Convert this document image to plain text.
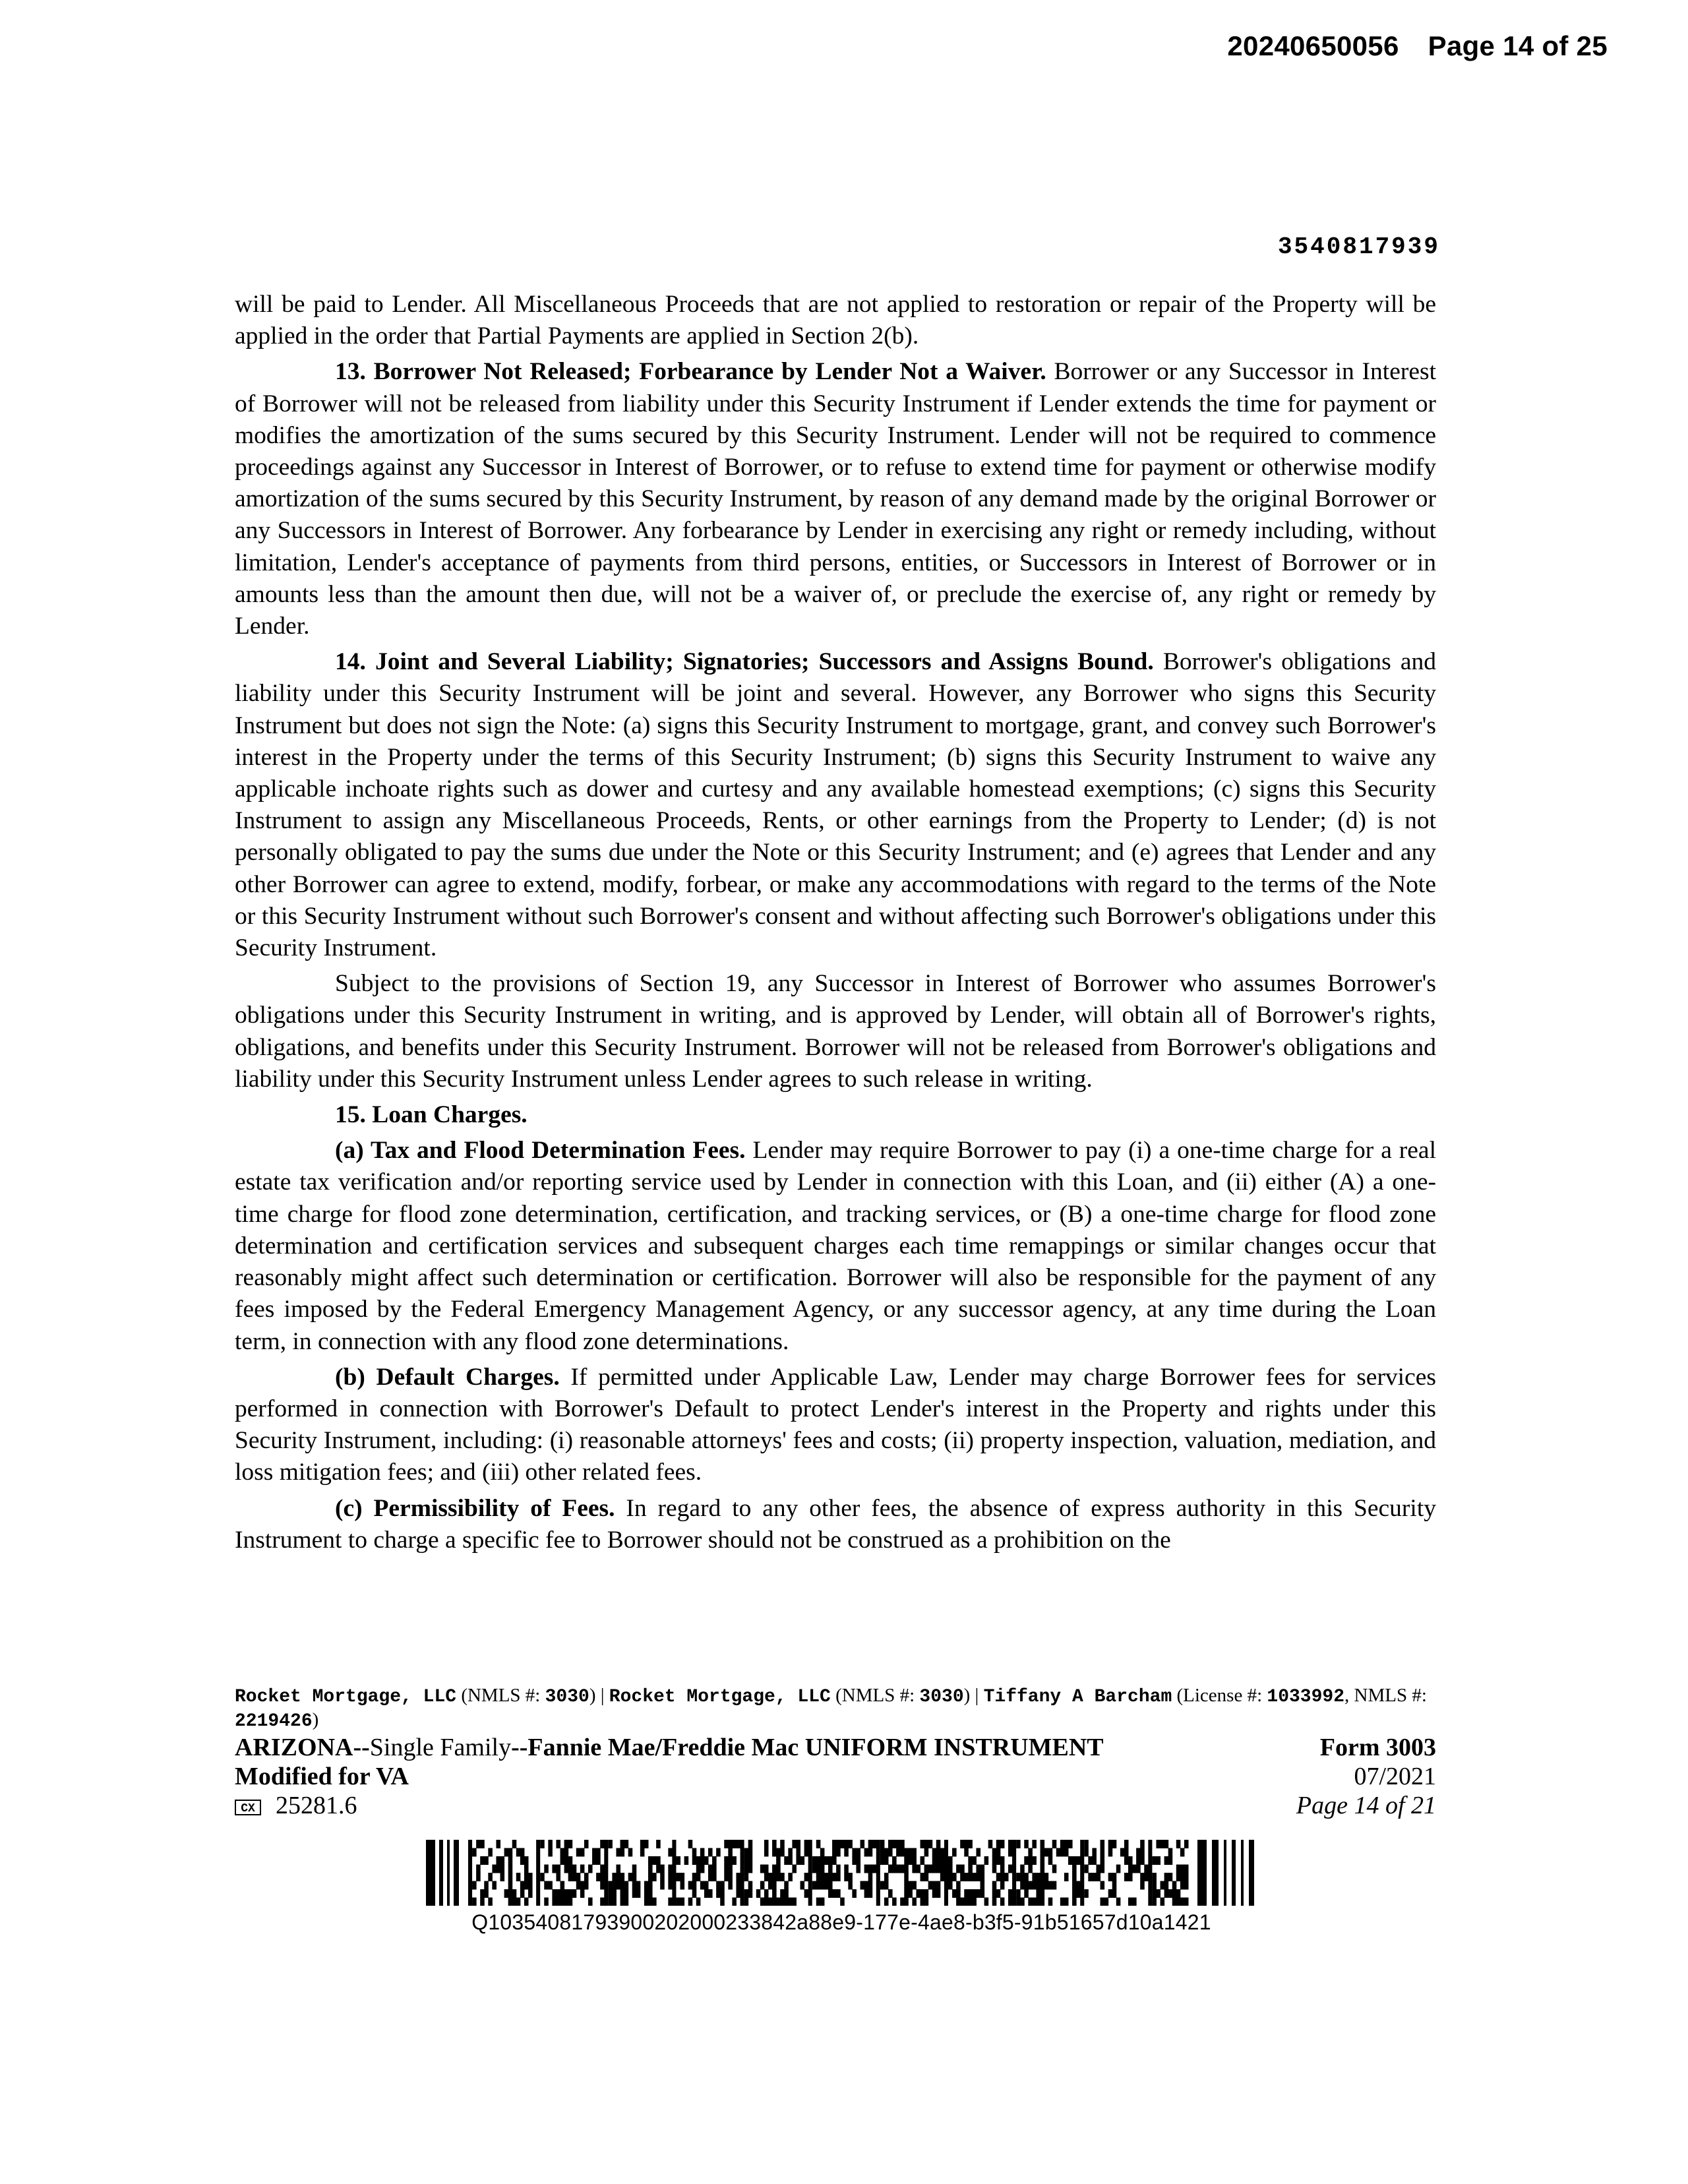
20240650056 Page 14 of 25
3540817939

will be paid to Lender. All Miscellaneous Proceeds that are not applied to restoration or repair of the Property will be applied in the order that Partial Payments are applied in Section 2(b).

13. Borrower Not Released; Forbearance by Lender Not a Waiver. Borrower or any Successor in Interest of Borrower will not be released from liability under this Security Instrument if Lender extends the time for payment or modifies the amortization of the sums secured by this Security Instrument. Lender will not be required to commence proceedings against any Successor in Interest of Borrower, or to refuse to extend time for payment or otherwise modify amortization of the sums secured by this Security Instrument, by reason of any demand made by the original Borrower or any Successors in Interest of Borrower. Any forbearance by Lender in exercising any right or remedy including, without limitation, Lender's acceptance of payments from third persons, entities, or Successors in Interest of Borrower or in amounts less than the amount then due, will not be a waiver of, or preclude the exercise of, any right or remedy by Lender.

14. Joint and Several Liability; Signatories; Successors and Assigns Bound. Borrower's obligations and liability under this Security Instrument will be joint and several. However, any Borrower who signs this Security Instrument but does not sign the Note: (a) signs this Security Instrument to mortgage, grant, and convey such Borrower's interest in the Property under the terms of this Security Instrument; (b) signs this Security Instrument to waive any applicable inchoate rights such as dower and curtesy and any available homestead exemptions; (c) signs this Security Instrument to assign any Miscellaneous Proceeds, Rents, or other earnings from the Property to Lender; (d) is not personally obligated to pay the sums due under the Note or this Security Instrument; and (e) agrees that Lender and any other Borrower can agree to extend, modify, forbear, or make any accommodations with regard to the terms of the Note or this Security Instrument without such Borrower's consent and without affecting such Borrower's obligations under this Security Instrument.

Subject to the provisions of Section 19, any Successor in Interest of Borrower who assumes Borrower's obligations under this Security Instrument in writing, and is approved by Lender, will obtain all of Borrower's rights, obligations, and benefits under this Security Instrument. Borrower will not be released from Borrower's obligations and liability under this Security Instrument unless Lender agrees to such release in writing.

15. Loan Charges.

(a) Tax and Flood Determination Fees. Lender may require Borrower to pay (i) a one-time charge for a real estate tax verification and/or reporting service used by Lender in connection with this Loan, and (ii) either (A) a one-time charge for flood zone determination, certification, and tracking services, or (B) a one-time charge for flood zone determination and certification services and subsequent charges each time remappings or similar changes occur that reasonably might affect such determination or certification. Borrower will also be responsible for the payment of any fees imposed by the Federal Emergency Management Agency, or any successor agency, at any time during the Loan term, in connection with any flood zone determinations.

(b) Default Charges. If permitted under Applicable Law, Lender may charge Borrower fees for services performed in connection with Borrower's Default to protect Lender's interest in the Property and rights under this Security Instrument, including: (i) reasonable attorneys' fees and costs; (ii) property inspection, valuation, mediation, and loss mitigation fees; and (iii) other related fees.

(c) Permissibility of Fees. In regard to any other fees, the absence of express authority in this Security Instrument to charge a specific fee to Borrower should not be construed as a prohibition on the

Rocket Mortgage, LLC (NMLS #: 3030) | Rocket Mortgage, LLC (NMLS #: 3030) | Tiffany A Barcham (License #: 1033992, NMLS #: 2219426)
ARIZONA--Single Family--Fannie Mae/Freddie Mac UNIFORM INSTRUMENT	Form 3003
Modified for VA	07/2021
CX 25281.6	Page 14 of 21
Q10354081793900202000233842a88e9-177e-4ae8-b3f5-91b51657d10a1421
